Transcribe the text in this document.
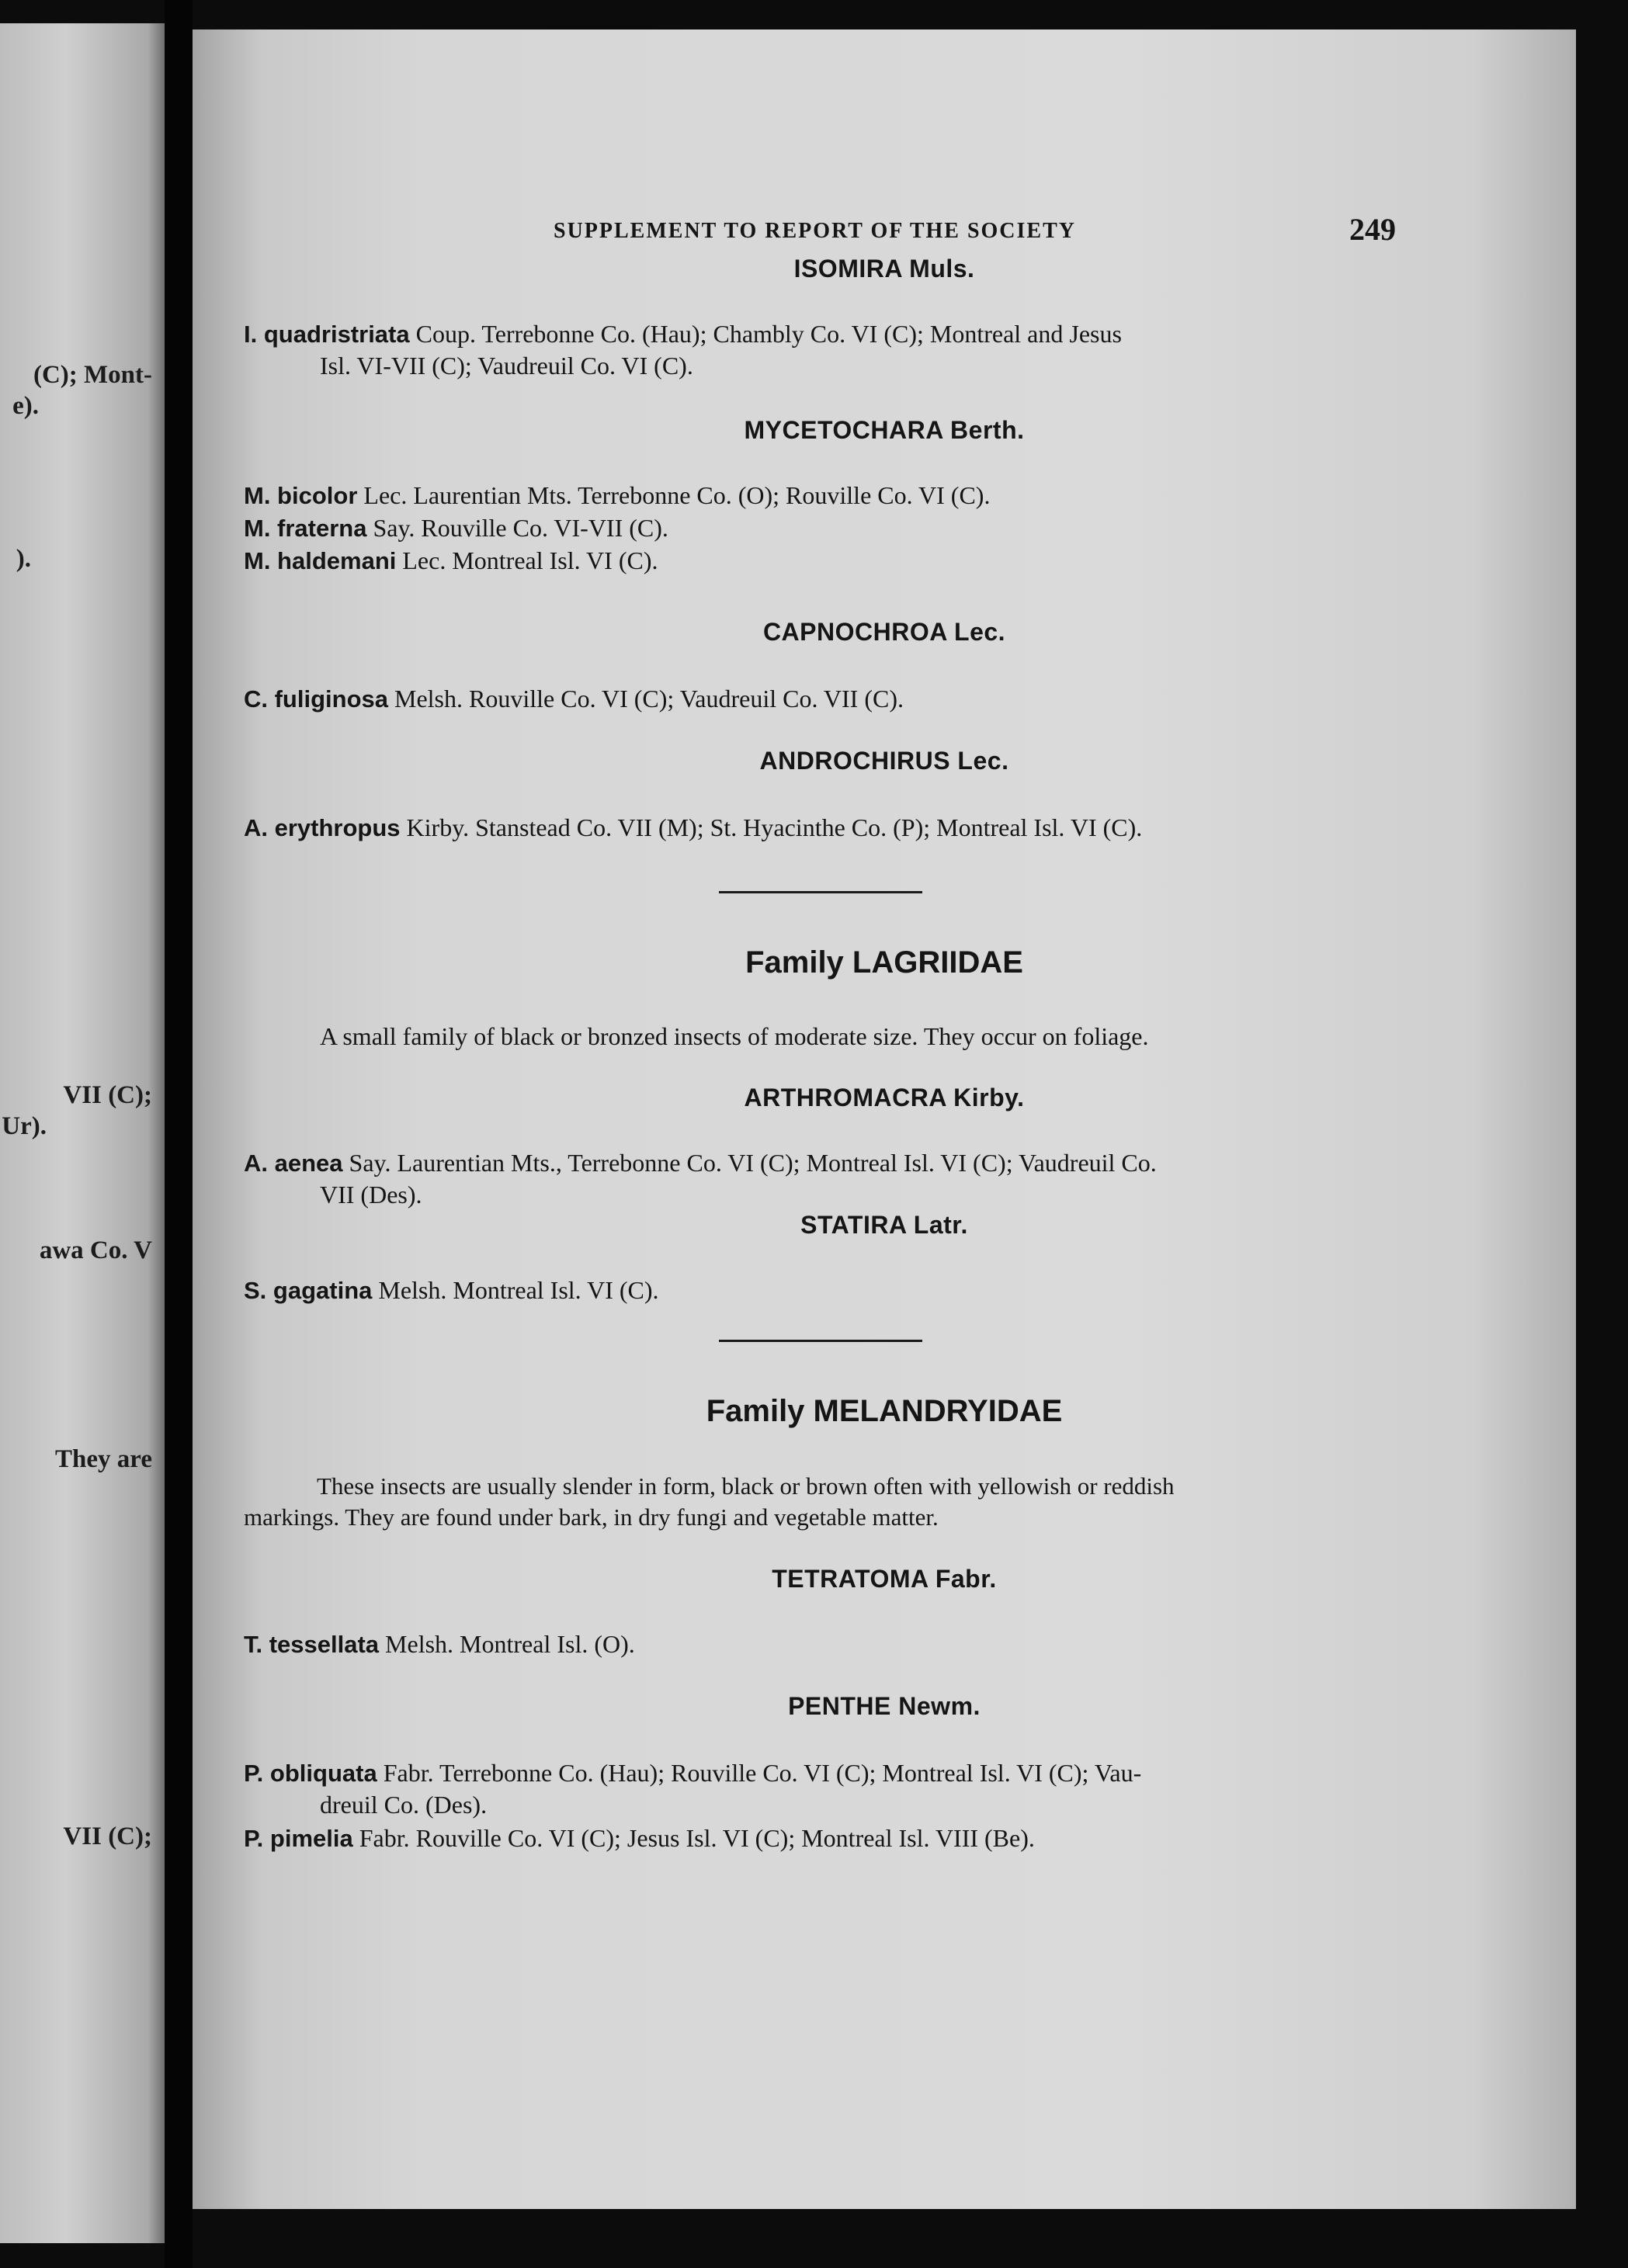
(C); Mont-
e).
).
VII (C);
Ur).
awa Co. V
They are
VII (C);
SUPPLEMENT TO REPORT OF THE SOCIETY	249
ISOMIRA Muls.
I. quadristriata Coup. Terrebonne Co. (Hau); Chambly Co. VI (C); Montreal and Jesus
Isl. VI-VII (C); Vaudreuil Co. VI (C).
MYCETOCHARA Berth.
M. bicolor Lec. Laurentian Mts. Terrebonne Co. (O); Rouville Co. VI (C).
M. fraterna Say. Rouville Co. VI-VII (C).
M. haldemani Lec. Montreal Isl. VI (C).
CAPNOCHROA Lec.
C. fuliginosa Melsh. Rouville Co. VI (C); Vaudreuil Co. VII (C).
ANDROCHIRUS Lec.
A. erythropus Kirby. Stanstead Co. VII (M); St. Hyacinthe Co. (P); Montreal Isl. VI (C).
Family LAGRIIDAE
A small family of black or bronzed insects of moderate size. They occur on foliage.
ARTHROMACRA Kirby.
A. aenea Say. Laurentian Mts., Terrebonne Co. VI (C); Montreal Isl. VI (C); Vaudreuil Co.
VII (Des).
STATIRA Latr.
S. gagatina Melsh. Montreal Isl. VI (C).
Family MELANDRYIDAE
These insects are usually slender in form, black or brown often with yellowish or reddish
markings. They are found under bark, in dry fungi and vegetable matter.
TETRATOMA Fabr.
T. tessellata Melsh. Montreal Isl. (O).
PENTHE Newm.
P. obliquata Fabr. Terrebonne Co. (Hau); Rouville Co. VI (C); Montreal Isl. VI (C); Vau-
dreuil Co. (Des).
P. pimelia Fabr. Rouville Co. VI (C); Jesus Isl. VI (C); Montreal Isl. VIII (Be).
